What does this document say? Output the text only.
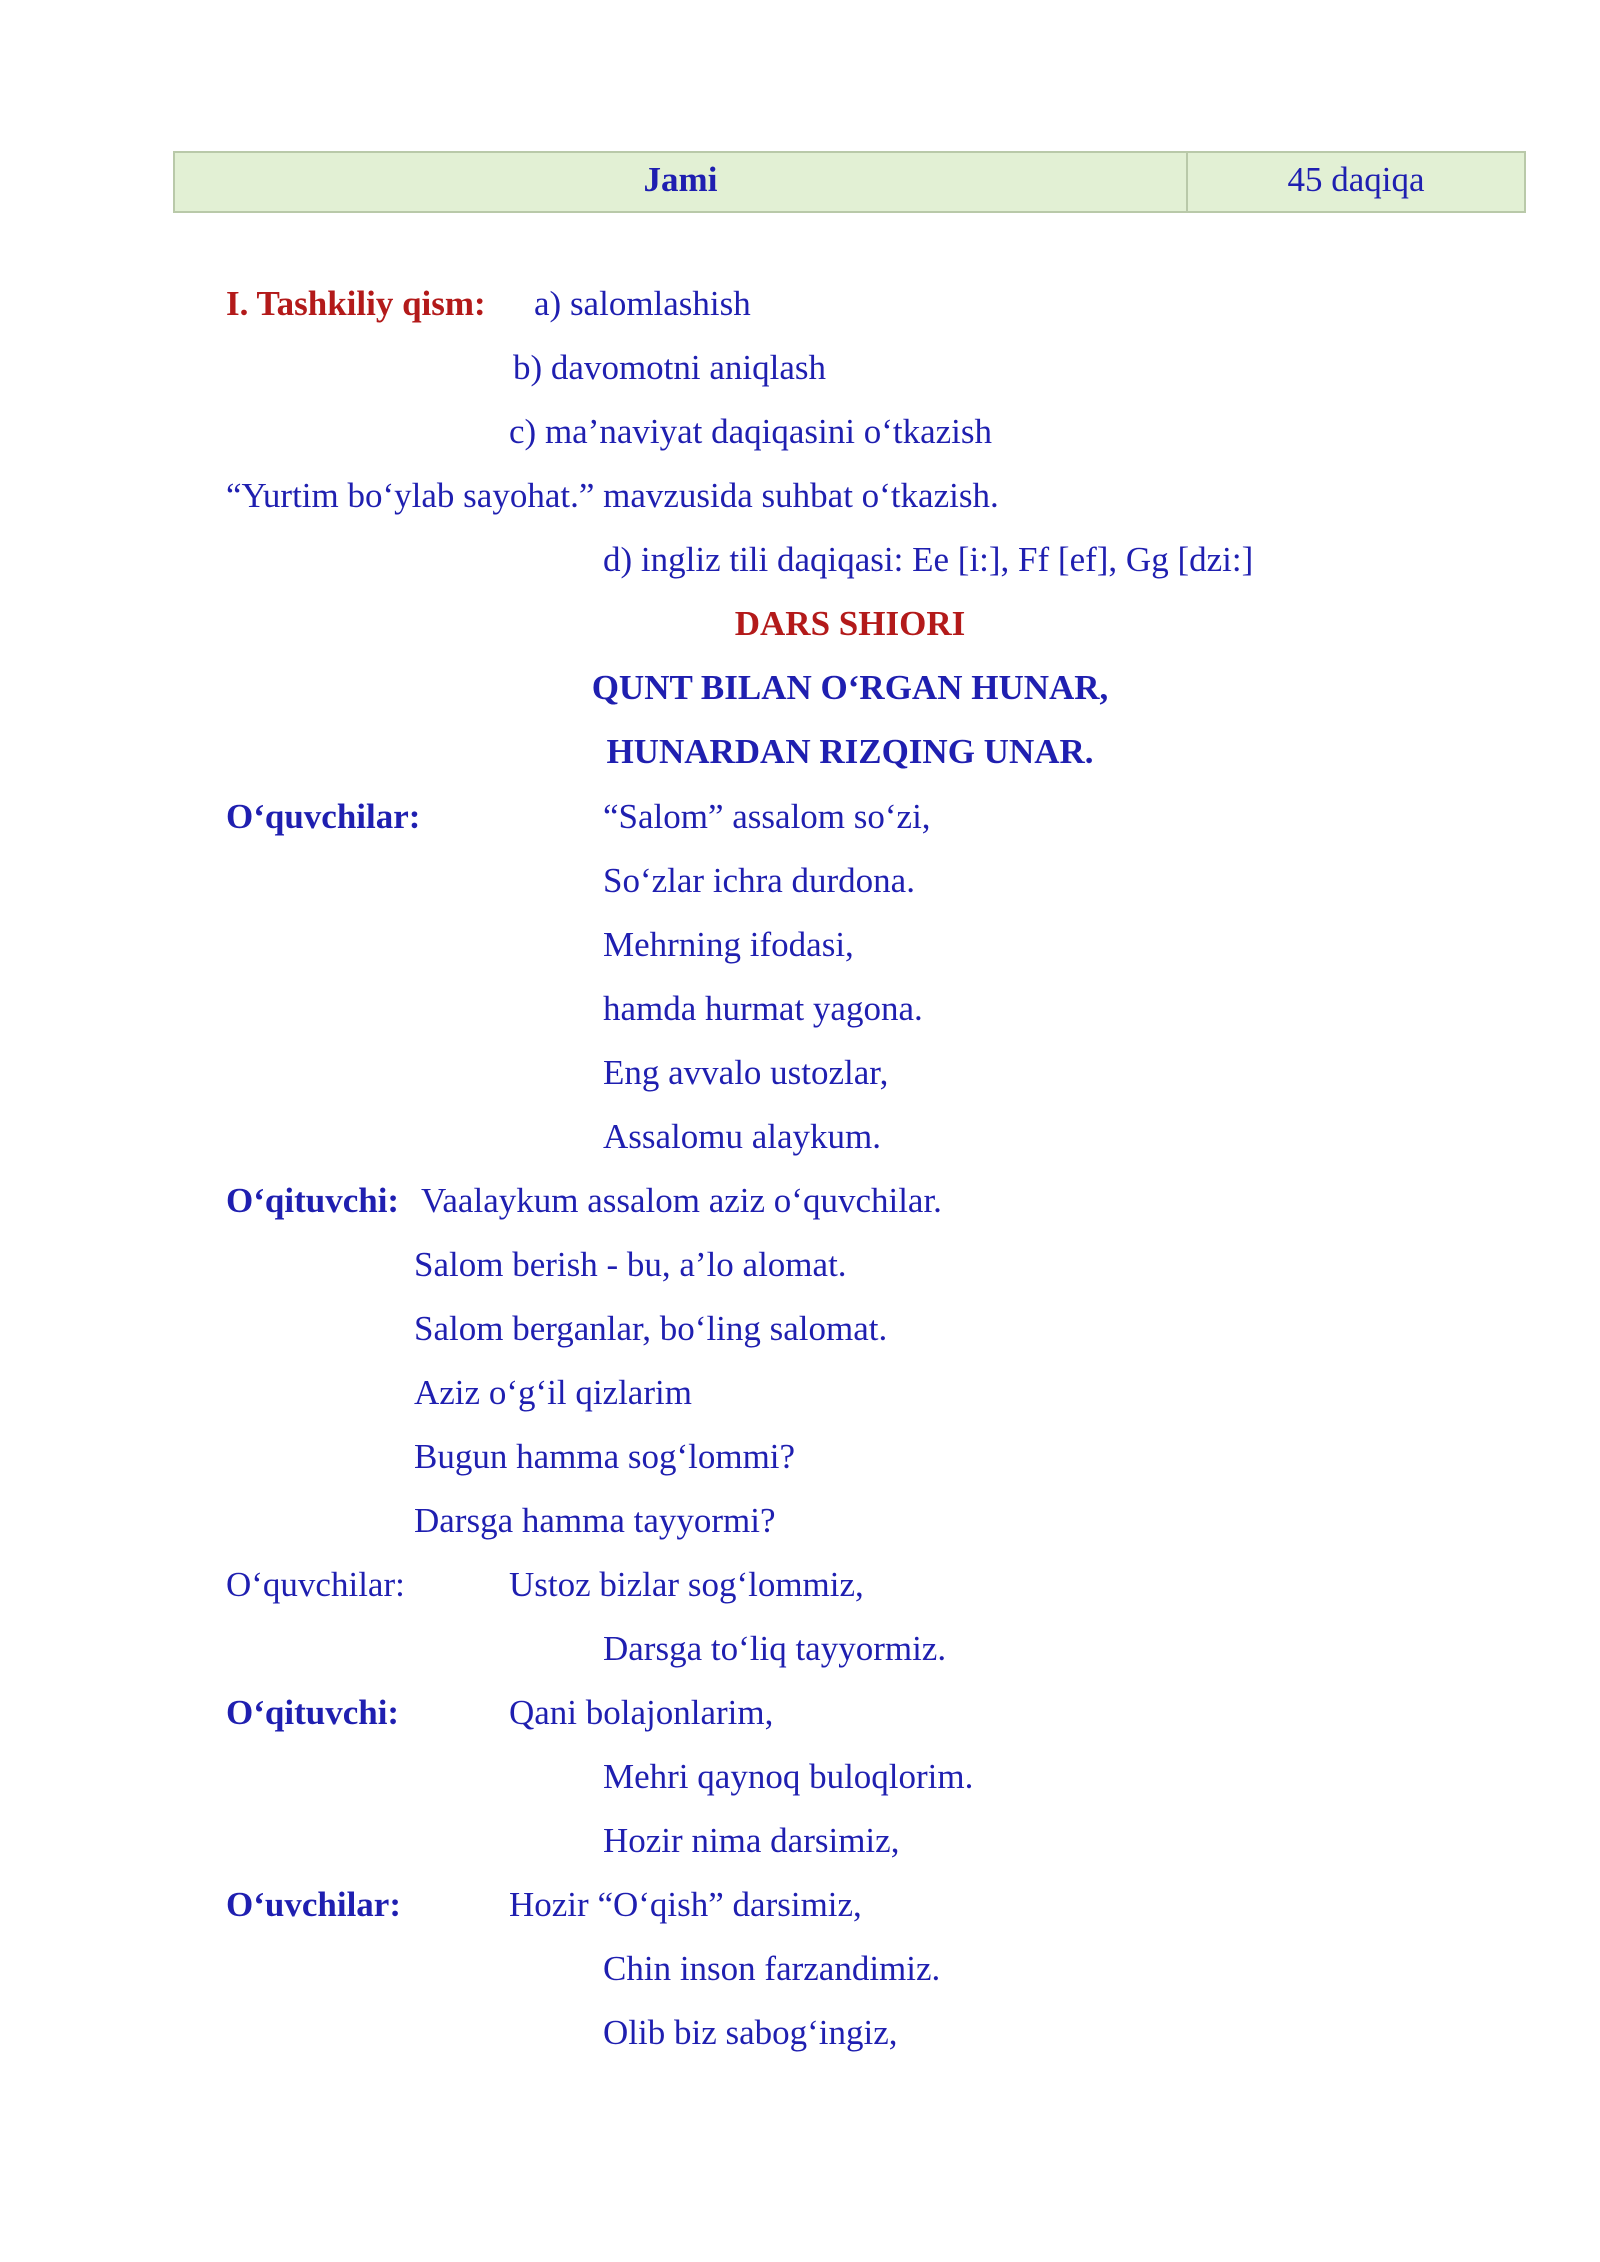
Jami	45 daqiqa
I. Tashkiliy qism: a) salomlashish
b) davomotni aniqlash
c) ma’naviyat daqiqasini o‘tkazish
“Yurtim bo‘ylab sayohat.” mavzusida suhbat o‘tkazish.
d) ingliz tili daqiqasi: Ee [i:], Ff [ef], Gg [dzi:]
DARS SHIORI
QUNT BILAN O‘RGAN HUNAR,
HUNARDAN RIZQING UNAR.
O‘quvchilar:	“Salom” assalom so‘zi,
So‘zlar ichra durdona.
Mehrning ifodasi,
hamda hurmat yagona.
Eng avvalo ustozlar,
Assalomu alaykum.
O‘qituvchi: Vaalaykum assalom aziz o‘quvchilar.
Salom berish - bu, a’lo alomat.
Salom berganlar, bo‘ling salomat.
Aziz o‘g‘il qizlarim
Bugun hamma sog‘lommi?
Darsga hamma tayyormi?
O‘quvchilar:	Ustoz bizlar sog‘lommiz,
Darsga to‘liq tayyormiz.
O‘qituvchi:	Qani bolajonlarim,
Mehri qaynoq buloqlorim.
Hozir nima darsimiz,
O‘uvchilar:	Hozir “O‘qish” darsimiz,
Chin inson farzandimiz.
Olib biz sabog‘ingiz,
